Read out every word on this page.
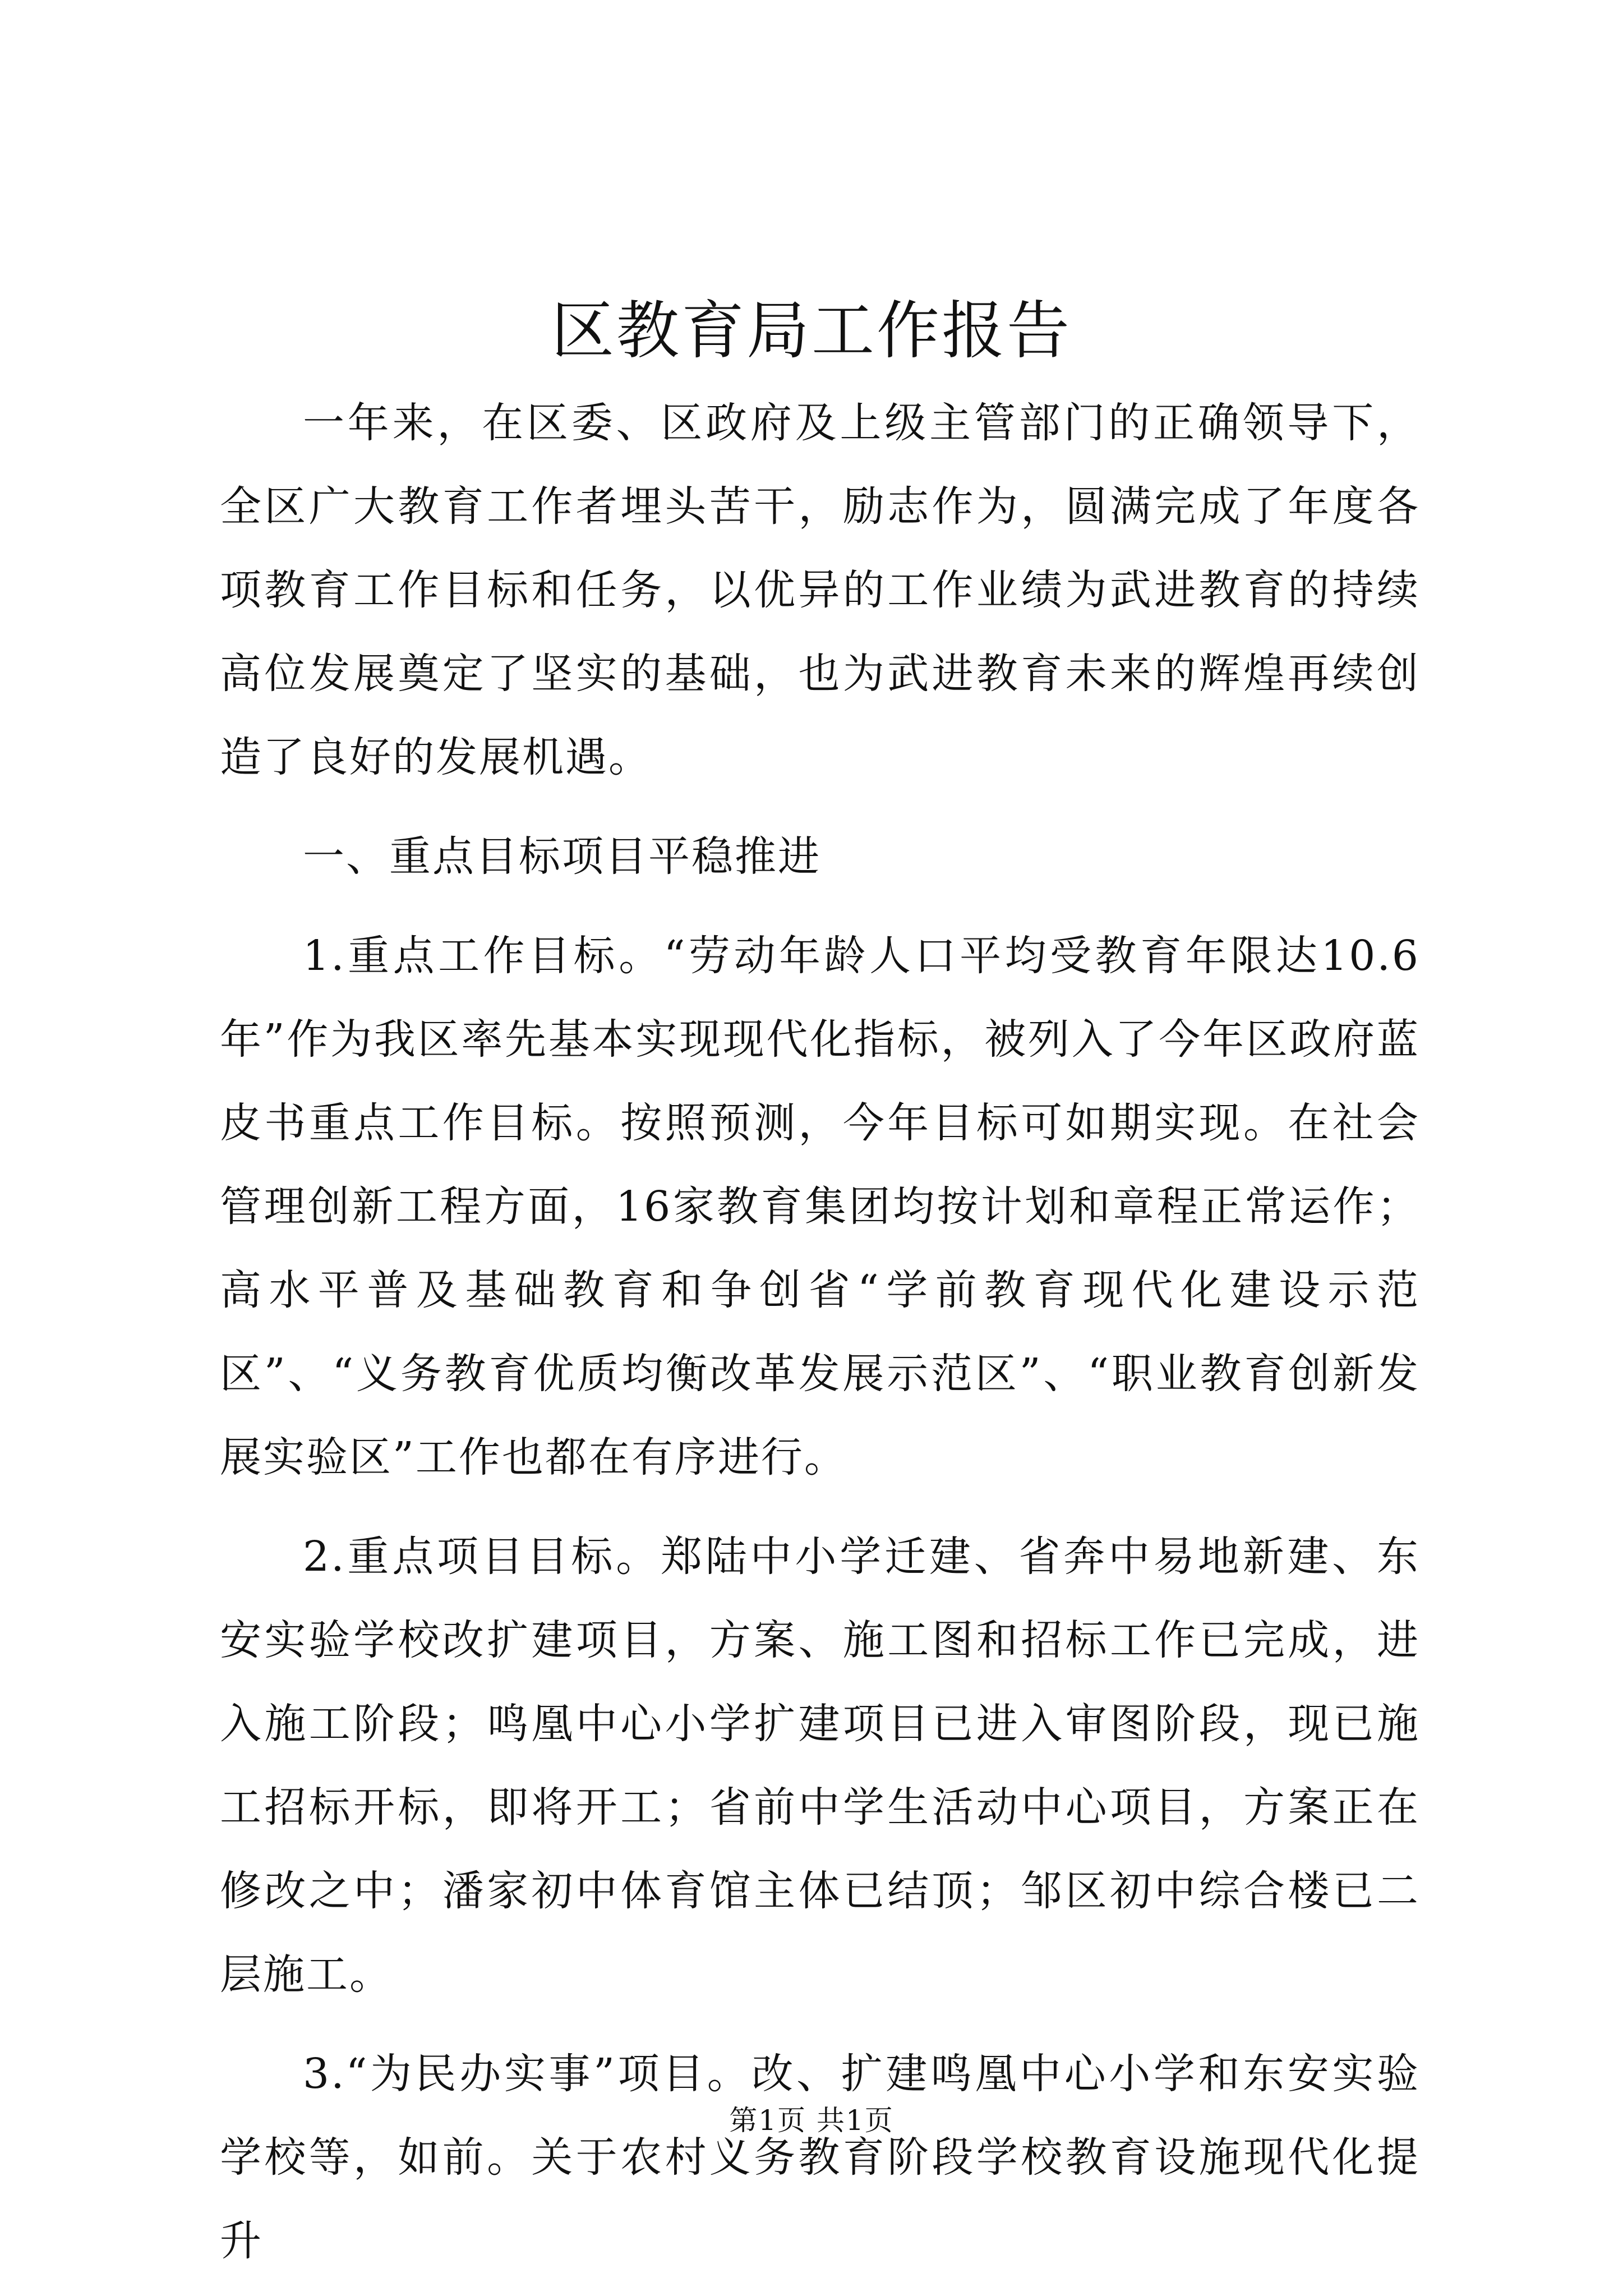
区教育局工作报告

一年来，在区委、区政府及上级主管部门的正确领导下，全区广大教育工作者埋头苦干，励志作为，圆满完成了年度各项教育工作目标和任务，以优异的工作业绩为武进教育的持续高位发展奠定了坚实的基础，也为武进教育未来的辉煌再续创造了良好的发展机遇。

一、重点目标项目平稳推进

1.重点工作目标。“劳动年龄人口平均受教育年限达10.6年”作为我区率先基本实现现代化指标，被列入了今年区政府蓝皮书重点工作目标。按照预测，今年目标可如期实现。在社会管理创新工程方面，16家教育集团均按计划和章程正常运作；高水平普及基础教育和争创省“学前教育现代化建设示范区”、“义务教育优质均衡改革发展示范区”、“职业教育创新发展实验区”工作也都在有序进行。

2.重点项目目标。郑陆中小学迁建、省奔中易地新建、东安实验学校改扩建项目，方案、施工图和招标工作已完成，进入施工阶段；鸣凰中心小学扩建项目已进入审图阶段，现已施工招标开标，即将开工；省前中学生活动中心项目，方案正在修改之中；潘家初中体育馆主体已结顶；邹区初中综合楼已二层施工。

3.“为民办实事”项目。改、扩建鸣凰中心小学和东安实验学校等，如前。关于农村义务教育阶段学校教育设施现代化提升

第1页 共1页
